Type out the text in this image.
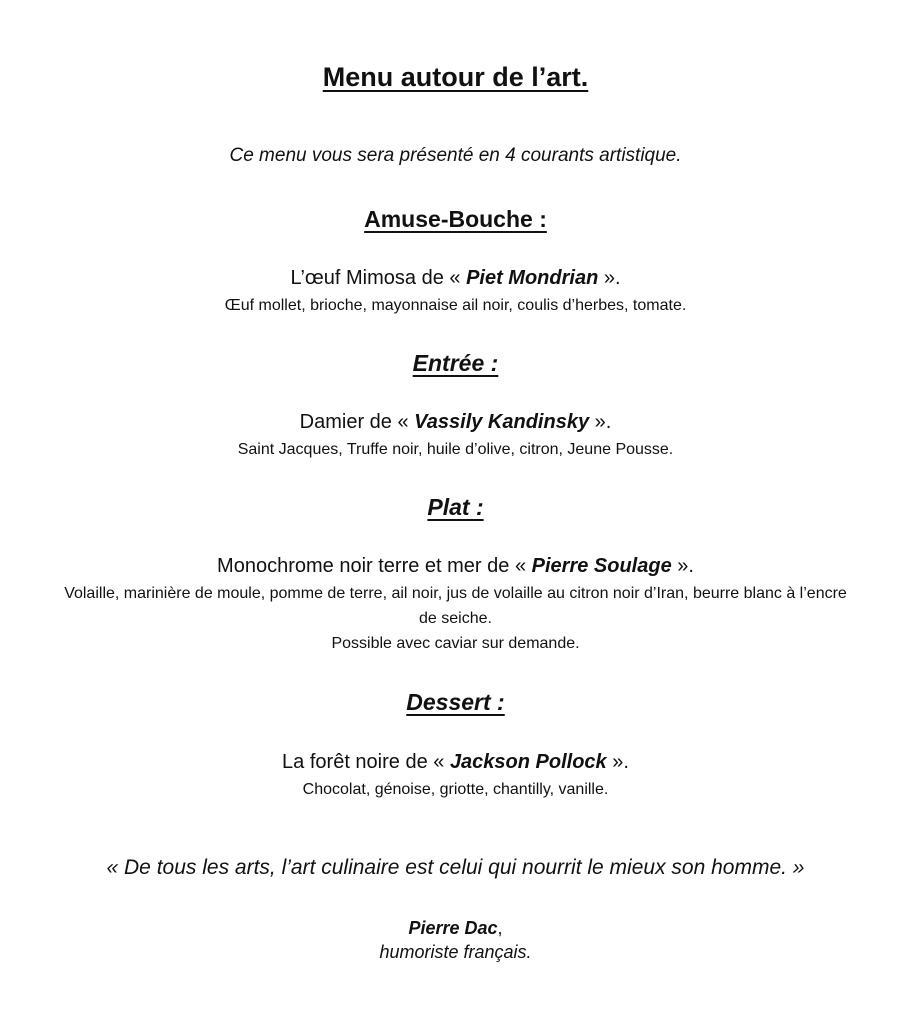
Menu autour de l’art.
Ce menu vous sera présenté en 4 courants artistique.
Amuse-Bouche :
L’œuf Mimosa de « Piet Mondrian ».
Œuf mollet, brioche, mayonnaise ail noir, coulis d’herbes, tomate.
Entrée :
Damier de « Vassily Kandinsky ».
Saint Jacques, Truffe noir, huile d’olive, citron, Jeune Pousse.
Plat :
Monochrome noir terre et mer de « Pierre Soulage ».
Volaille, marinière de moule, pomme de terre, ail noir, jus de volaille au citron noir d’Iran, beurre blanc à l’encre
de seiche.
Possible avec caviar sur demande.
Dessert :
La forêt noire de « Jackson Pollock ».
Chocolat, génoise, griotte, chantilly, vanille.
« De tous les arts, l’art culinaire est celui qui nourrit le mieux son homme. »
Pierre Dac,
humoriste français.
